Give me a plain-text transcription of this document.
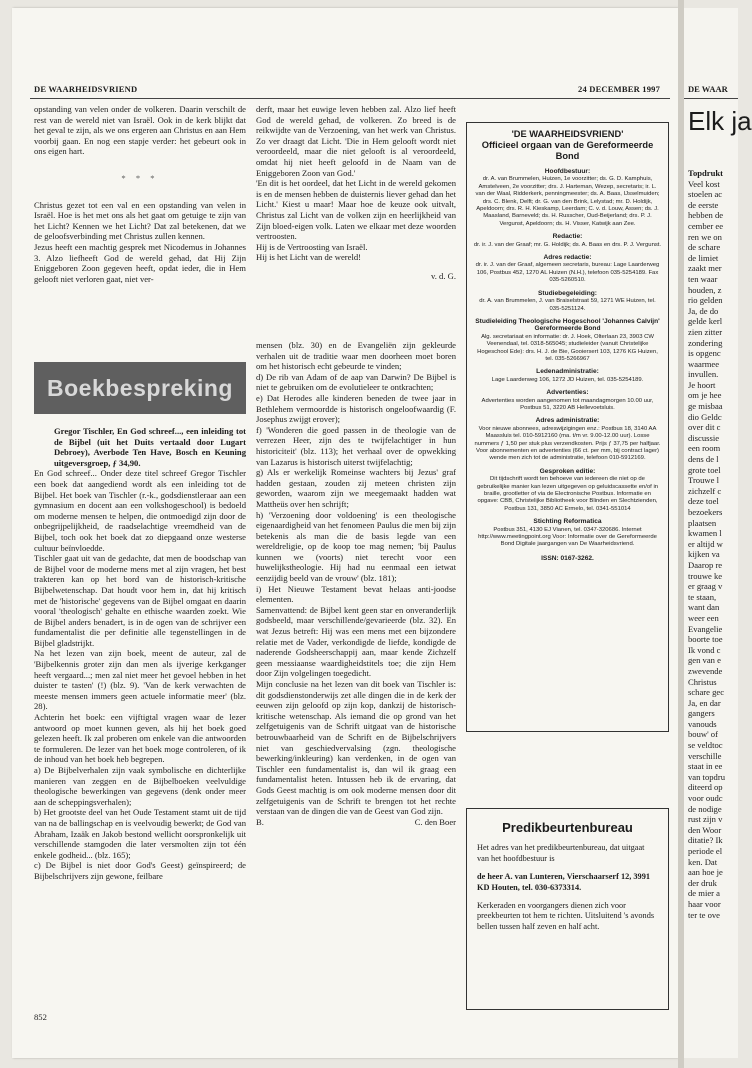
DE WAARHEIDSVRIEND	24 DECEMBER 1997

opstanding van velen onder de volkeren. Daarin verschilt de rest van de wereld niet van Israël. Ook in de kerk blijkt dat het geval te zijn, als we ons ergeren aan Christus en aan Hem voorbij gaan. En nog een stapje verder: het gebeurt ook in ons eigen hart.

* * *

Christus gezet tot een val en een opstanding van velen in Israël. Hoe is het met ons als het gaat om getuige te zijn van het Licht? Kennen we het Licht? Dat zal betekenen, dat we de geloofsverbinding met Christus zullen kennen.

Jezus heeft een machtig gesprek met Nicodemus in Johannes 3. Alzo liefheeft God de wereld gehad, dat Hij Zijn Eniggeboren Zoon gegeven heeft, opdat ieder, die in Hem gelooft niet verloren gaat, niet ver-

derft, maar het euwige leven hebben zal. Alzo lief heeft God de wereld gehad, de volkeren. Zo breed is de reikwijdte van de Verzoening, van het werk van Christus. Zo ver draagt dat Licht. 'Die in Hem gelooft wordt niet veroordeeld, maar die niet gelooft is al veroordeeld, omdat hij niet heeft geloofd in de Naam van de Eniggeboren Zoon van God.'

'En dit is het oordeel, dat het Licht in de wereld gekomen is en de mensen hebben de duisternis liever gehad dan het Licht.' Kiest u maar! Maar hoe de keuze ook uitvalt, Christus zal Licht van de volken zijn en heerlijkheid van Zijn bloed-eigen volk. Laten we elkaar met deze woorden vertroosten.

Hij is de Vertroosting van Israël.

Hij is het Licht van de wereld!

v. d. G.
Boekbespreking

Gregor Tischler, En God schreef..., een inleiding tot de Bijbel (uit het Duits vertaald door Lugart Debroey), Averbode Ten Have, Bosch en Keuning uitgeversgroep, ƒ 34,90.

En God schreef... Onder deze titel schreef Gregor Tischler een boek dat aangediend wordt als een inleiding tot de Bijbel. Het boek van Tischler (r.-k., godsdienstleraar aan een gymnasium en docent aan een volkshogeschool) is bedoeld om moderne mensen te helpen, die ontmoedigd zijn door de onbegrijpelijkheid, de raadselachtige vreemdheid van de Bijbel, toch ook het boek dat zo diepgaand onze westerse cultuur beïnvloedde.

Tischler gaat uit van de gedachte, dat men de boodschap van de Bijbel voor de moderne mens met al zijn vragen, het best trakteren kan op het bord van de historisch-kritische Bijbelwetenschap. Dat houdt voor hem in, dat hij kritisch met de 'historische' gegevens van de Bijbel omgaat en daarin vooral 'theologisch' gehalte en ethische waarden zoekt. Wie de Bijbel anders benadert, is in de ogen van de schrijver een fundamentalist die per definitie alle tegenstellingen in de Bijbel gladstrijkt.

Na het lezen van zijn boek, meent de auteur, zal de 'Bijbelkennis groter zijn dan men als ijverige kerkganger heeft vergaard...; men zal niet meer het gevoel hebben in het duister te tasten' (!) (blz. 9). 'Van de kerk verwachten de meeste mensen immers geen actuele informatie meer' (blz. 28).

Achterin het boek: een vijftigtal vragen waar de lezer antwoord op moet kunnen geven, als hij het boek goed gelezen heeft. Ik zal proberen om enkele van die antwoorden te formuleren. De lezer van het boek moge controleren, of ik de inhoud van het boek heb begrepen.

a) De Bijbelverhalen zijn vaak symbolische en dichterlijke manieren van zeggen en de Bijbelboeken veelvuldige theologische bewerkingen van gegevens (denk onder meer aan de scheppingsverhalen);

b) Het grootste deel van het Oude Testament stamt uit de tijd van na de ballingschap en is veelvoudig bewerkt; de God van Abraham, Izaäk en Jakob bestond wellicht oorspronkelijk uit verschillende stamgoden die later versmolten zijn tot één enkele godheid... (blz. 165);

c) De Bijbel is niet door God's Geest) geïnspireerd; de Bijbelschrijvers zijn gewone, feilbare

mensen (blz. 30) en de Evangeliën zijn gekleurde verhalen uit de traditie waar men doorheen moet boren om het historisch echt gebeurde te vinden;

d) De rib van Adam of de aap van Darwin? De Bijbel is niet te gebruiken om de evolutieleer te ontkrachten;

e) Dat Herodes alle kinderen beneden de twee jaar in Bethlehem vermoordde is historisch ongeloofwaardig (F. Josephus zwijgt erover);

f) 'Wonderen die goed passen in de theologie van de verrezen Heer, zijn des te twijfelachtiger in hun historiciteit' (blz. 113); het verhaal over de opwekking van Lazarus is historisch uiterst twijfelachtig;

g) Als er werkelijk Romeinse wachters bij Jezus' graf hadden gestaan, zouden zij meteen christen zijn geworden, waarom zijn we meegemaakt hadden wat Mattheüs over hen schrijft;

h) 'Verzoening door voldoening' is een theologische eigenaardigheid van het fenomeen Paulus die men bij zijn betekenis als man die de basis legde van een wereldreligie, op de koop toe mag nemen; 'bij Paulus kunnen we (voorts) niet terecht voor een huwelijkstheologie. Hij had nu eenmaal een ietwat eenzijdig beeld van de vrouw' (blz. 181);

i) Het Nieuwe Testament bevat helaas anti-joodse elementen.

Samenvattend: de Bijbel kent geen star en onveranderlijk godsbeeld, maar verschillende/gevarieerde (blz. 32). En wat Jezus betreft: Hij was een mens met een bijzondere relatie met de Vader, verkondigde de liefde, kondigde de naderende Godsheerschappij aan, maar kende Zichzelf geen messiaanse waardigheidstitels toe; die zijn Hem door Zijn volgelingen toegedicht.

Mijn conclusie na het lezen van dit boek van Tischler is: dit godsdienstonderwijs zet alle dingen die in de kerk der eeuwen zijn geloofd op zijn kop, dankzij de historisch-kritische wetenschap. Als iemand die op grond van het zelfgetuigenis van de Schrift uitgaat van de historische betrouwbaarheid van de Schrift en de Bijbelschrijvers niet van geschiedvervalsing (zgn. theologische bewerking/inkleuring) kan verdenken, in de ogen van Tischler een fundamentalist is, dan wil ik graag een fundamentalist heten. Intussen heb ik de ervaring, dat Gods Geest machtig is om ook moderne mensen door dit zelfgetuigenis van de Schrift te brengen tot het rechte verstaan van de dingen die van de Geest van God zijn.

B.	C. den Boer
'DE WAARHEIDSVRIEND'
Officieel orgaan van de Gereformeerde Bond
Hoofdbestuur:
dr. A. van Brummelen, Huizen, 1e voorzitter; ds. G. D. Kamphuis, Amstelveen, 2e voorzitter; drs. J. Harteman, Wezep, secretaris; ir. L. van der Waal, Ridderkerk, penningmeester; ds. A. Baas, IJsselmuiden; drs. C. Blenk, Delft; dr. G. van den Brink, Lelystad; mr. D. Holdijk, Apeldoorn; drs. R. H. Kieskamp, Leerdam; C. v. d. Louw, Assen; ds. J. Maasland, Barneveld; ds. H. Russcher, Oud-Beijerland; drs. P. J. Vergunst, Apeldoorn; ds. H. Visser, Katwijk aan Zee.
Redactie:
dr. ir. J. van der Graaf; mr. G. Holdijk; ds. A. Baas en drs. P. J. Vergunst.
Adres redactie:
dr. ir. J. van der Graaf, algemeen secretaris, bureau: Lage Laarderweg 106, Postbus 452, 1270 AL Huizen (N.H.), telefoon 035-5254189. Fax 035-5260510.
Studiebegeleiding:
dr. A. van Brummelen, J. van Braiselstraat 59, 1271 WE Huizen, tel. 035-5251124.
Studieleiding Theologische Hogeschool 'Johannes Calvijn' Gereformeerde Bond
Alg. secretariaat en informatie: dr. J. Hoek, Olterlaan 23, 3903 CW Veenendaal, tel. 0318-565045; studieleider (vanuit Christelijke Hogeschool Ede): drs. H. J. de Bie, Gooiersert 103, 1276 KG Huizen, tel. 035-5266967
Ledenadministratie:
Lage Laarderweg 106, 1272 JD Huizen, tel. 035-5254189.
Advertenties:
Advertenties worden aangenomen tot maandagmorgen 10.00 uur, Postbus 51, 3220 AB Hellevoetsluis.
Adres administratie:
Voor nieuwe abonnees, adreswijzigingen enz.: Postbus 18, 3140 AA Maassluis tel. 010-5912160 (ma. t/m vr. 9.00-12.00 uur). Losse nummers ƒ 1,50 per stuk plus verzendkosten. Prijs ƒ 37,75 per halfjaar. Voor abonnementen en advertenties (66 ct. per mm, bij contract lager) wende men zich tot de administratie, telefoon 010-5912169.
Gesproken editie:
Dit tijdschrift wordt ten behoeve van iedereen die niet op de gebruikelijke manier kan lezen uitgegeven op geluidscassette en/of in braille, grootletter of via de Electronische Postbus. Informatie en opgave: CBB, Christelijke Bibliotheek voor Blinden en Slechtzienden, Postbus 131, 3850 AC Ermelo, tel. 0341-551014
Stichting Reformatica
Postbus 351, 4130 EJ Vianen, tel. 0347-320686. Internet http://www.meetingpoint.org Voor: Informatie over de Gereformeerde Bond Digitale jaargangen van De Waarheidsvriend.
ISSN: 0167-3262.
Predikbeurtenbureau

Het adres van het predikbeurtenbureau, dat uitgaat van het hoofdbestuur is

de heer A. van Lunteren, Vierschaarserf 12, 3991 KD Houten, tel. 030-6373314.

Kerkeraden en voorgangers dienen zich voor preekbeurten tot hem te richten. Uitsluitend 's avonds bellen tussen half zeven en half acht.

852
DE WAAR
Elk ja
Topdrukt
Veel kost
stoelen ac
de eerste
hebben de
cember ee
ren we on
de schare
de limiet
zaakt mer
ten waar
houden, z
rio gelden
Ja, de do
gelde kerl
zien zitter
zondering
is opgenc
waarmee
invullen.
Je hoort
om je hee
ge misbaa
dio Geldc
over dit c
discussie
een room
dens de l
grote toel
Trouwe l
zichzelf c
deze toel
bezoekers
plaatsen
kwamen l
er altijd w
kijken va
Daarop re
trouwe ke
er graag v
te staan,
want dan
weer een
Evangelie
boorte toe
Ik vond c
gen van e
zwevende
Christus
schare gec
Ja, en dar
gangers
vanouds
bouw' of
se veldtoc
verschille
staat in ee
van topdru
diteerd op
voor oudc
de nodige
rust zijn v
den Woor
ditatie? Ik
periode el
ken. Dat
aan hoe je
der druk
de mier a
haar voor
ter te ove
